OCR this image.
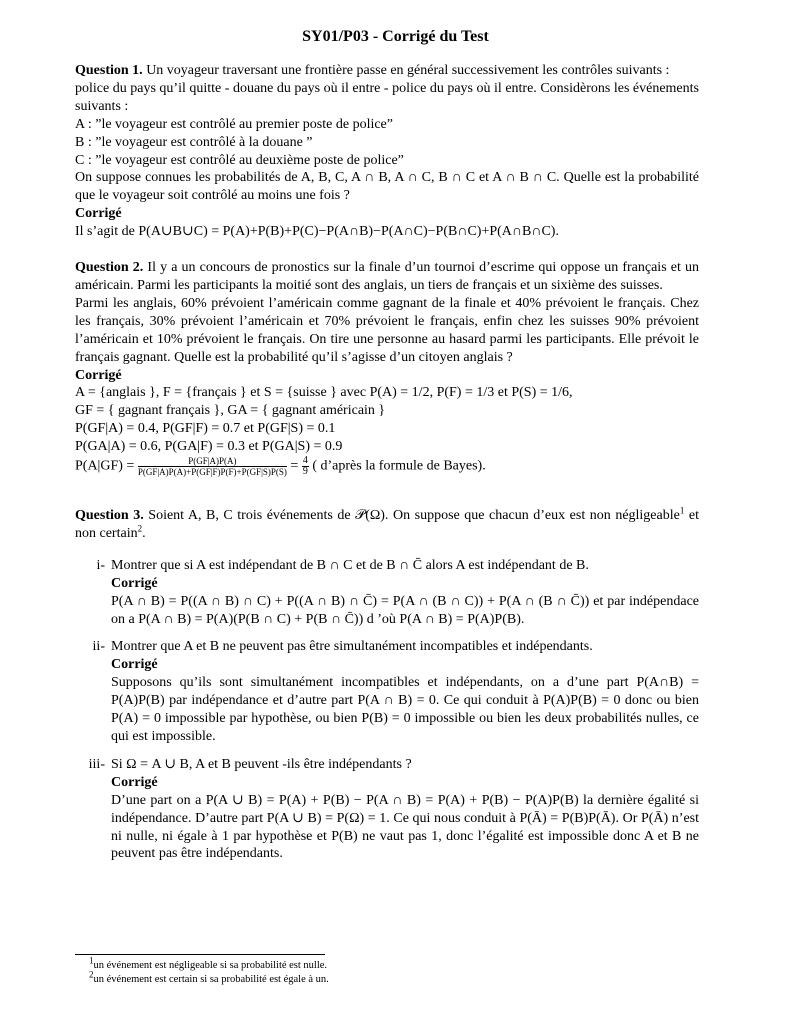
SY01/P03 - Corrigé du Test

Question 1. Un voyageur traversant une frontière passe en général successivement les contrôles suivants :

police du pays qu’il quitte - douane du pays où il entre - police du pays où il entre. Considèrons les événements suivants :

A : ”le voyageur est contrôlé au premier poste de police”

B : ”le voyageur est contrôlé à la douane ”

C : ”le voyageur est contrôlé au deuxième poste de police”

On suppose connues les probabilités de A, B, C, A ∩ B, A ∩ C, B ∩ C et A ∩ B ∩ C. Quelle est la probabilité que le voyageur soit contrôlé au moins une fois ?

Corrigé

Il s’agit de P(A∪B∪C) = P(A)+P(B)+P(C)−P(A∩B)−P(A∩C)−P(B∩C)+P(A∩B∩C).

Question 2. Il y a un concours de pronostics sur la finale d’un tournoi d’escrime qui oppose un français et un américain. Parmi les participants la moitié sont des anglais, un tiers de français et un sixième des suisses.

Parmi les anglais, 60% prévoient l’américain comme gagnant de la finale et 40% prévoient le français. Chez les français, 30% prévoient l’américain et 70% prévoient le français, enfin chez les suisses 90% prévoient l’américain et 10% prévoient le français. On tire une personne au hasard parmi les participants. Elle prévoit le français gagnant. Quelle est la probabilité qu’il s’agisse d’un citoyen anglais ?

Corrigé

A = {anglais }, F = {français } et S = {suisse } avec P(A) = 1/2, P(F) = 1/3 et P(S) = 1/6,

GF = { gagnant français }, GA = { gagnant américain }

P(GF|A) = 0.4, P(GF|F) = 0.7 et P(GF|S) = 0.1

P(GA|A) = 0.6, P(GA|F) = 0.3 et P(GA|S) = 0.9

$P(A|GF) = \frac{P(GF|A)P(A)}{P(GF|A)P(A)+P(GF|F)P(F)+P(GF|S)P(S)} = \frac{4}{9}$ ( d’après la formule de Bayes).

Question 3. Soient A, B, C trois événements de 𝒫(Ω). On suppose que chacun d’eux est non négligeable$^1$ et non certain$^2$.

i- Montrer que si A est indépendant de B ∩ C et de B ∩ C̄ alors A est indépendant de B.

Corrigé

P(A ∩ B) = P((A ∩ B) ∩ C) + P((A ∩ B) ∩ C̄) = P(A ∩ (B ∩ C)) + P(A ∩ (B ∩ C̄)) et par indépendace on a P(A ∩ B) = P(A)(P(B ∩ C) + P(B ∩ C̄)) d ’où P(A ∩ B) = P(A)P(B).

ii- Montrer que A et B ne peuvent pas être simultanément incompatibles et indépendants.

Corrigé

Supposons qu’ils sont simultanément incompatibles et indépendants, on a d’une part P(A∩B) = P(A)P(B) par indépendance et d’autre part P(A ∩ B) = 0. Ce qui conduit à P(A)P(B) = 0 donc ou bien P(A) = 0 impossible par hypothèse, ou bien P(B) = 0 impossible ou bien les deux probabilités nulles, ce qui est impossible.

iii- Si Ω = A ∪ B, A et B peuvent -ils être indépendants ?

Corrigé

D’une part on a P(A ∪ B) = P(A) + P(B) − P(A ∩ B) = P(A) + P(B) − P(A)P(B) la dernière égalité si indépendance. D’autre part P(A ∪ B) = P(Ω) = 1. Ce qui nous conduit à P(Ā) = P(B)P(Ā). Or P(Ā) n’est ni nulle, ni égale à 1 par hypothèse et P(B) ne vaut pas 1, donc l’égalité est impossible donc A et B ne peuvent pas être indépendants.

$^1$un événement est négligeable si sa probabilité est nulle.
$^2$un événement est certain si sa probabilité est égale à un.
